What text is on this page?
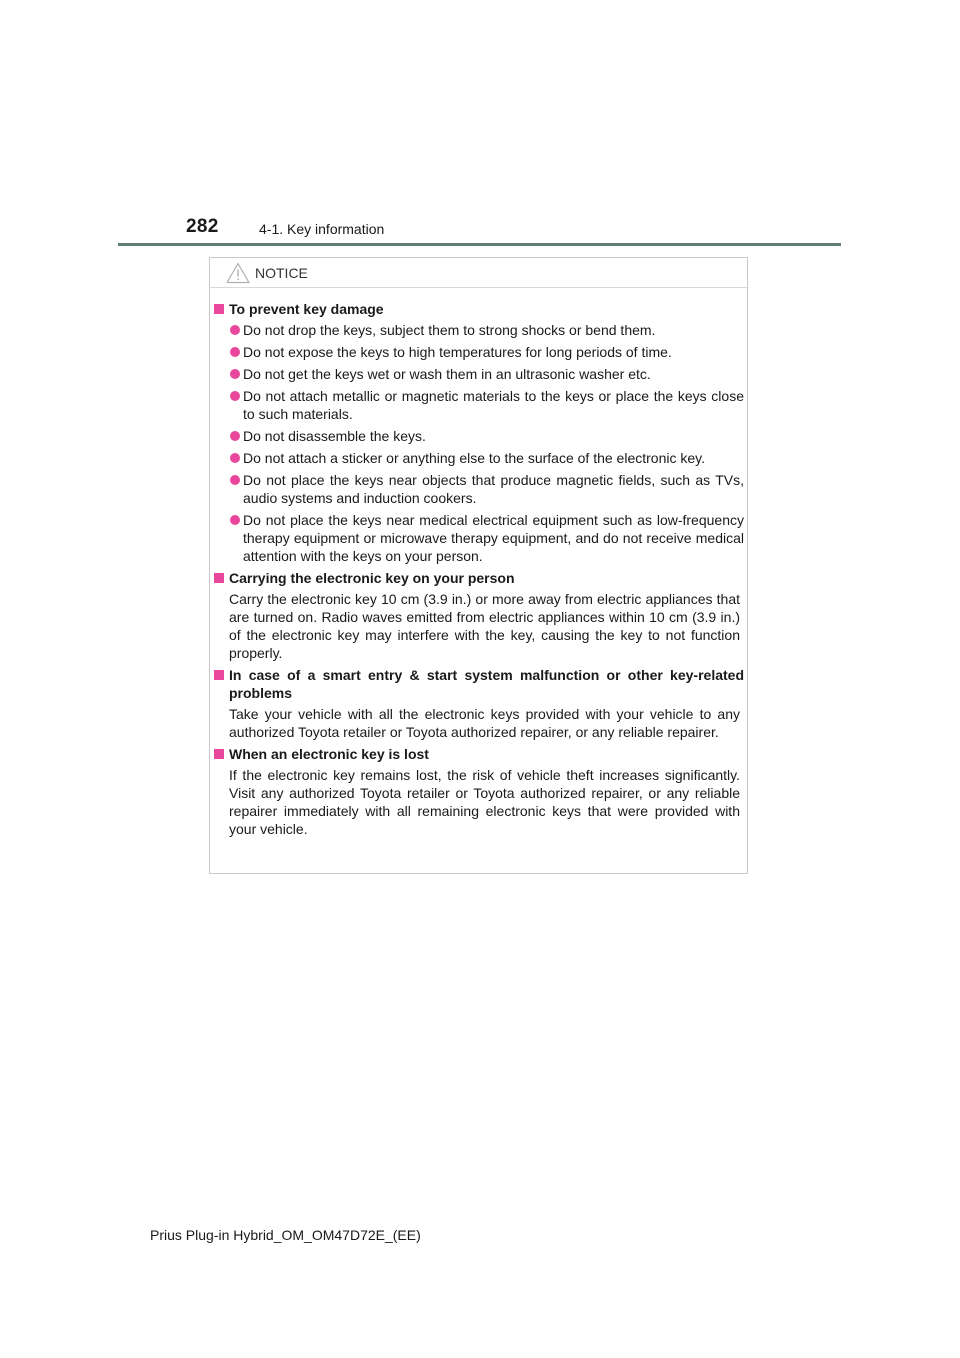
282	4-1. Key information
NOTICE
To prevent key damage
Do not drop the keys, subject them to strong shocks or bend them.
Do not expose the keys to high temperatures for long periods of time.
Do not get the keys wet or wash them in an ultrasonic washer etc.
Do not attach metallic or magnetic materials to the keys or place the keys close to such materials.
Do not disassemble the keys.
Do not attach a sticker or anything else to the surface of the electronic key.
Do not place the keys near objects that produce magnetic fields, such as TVs, audio systems and induction cookers.
Do not place the keys near medical electrical equipment such as low-frequency therapy equipment or microwave therapy equipment, and do not receive medical attention with the keys on your person.
Carrying the electronic key on your person
Carry the electronic key 10 cm (3.9 in.) or more away from electric appliances that are turned on. Radio waves emitted from electric appliances within 10 cm (3.9 in.) of the electronic key may interfere with the key, causing the key to not function properly.
In case of a smart entry & start system malfunction or other key-related problems
Take your vehicle with all the electronic keys provided with your vehicle to any authorized Toyota retailer or Toyota authorized repairer, or any reliable repairer.
When an electronic key is lost
If the electronic key remains lost, the risk of vehicle theft increases significantly. Visit any authorized Toyota retailer or Toyota authorized repairer, or any reliable repairer immediately with all remaining electronic keys that were provided with your vehicle.
Prius Plug-in Hybrid_OM_OM47D72E_(EE)
